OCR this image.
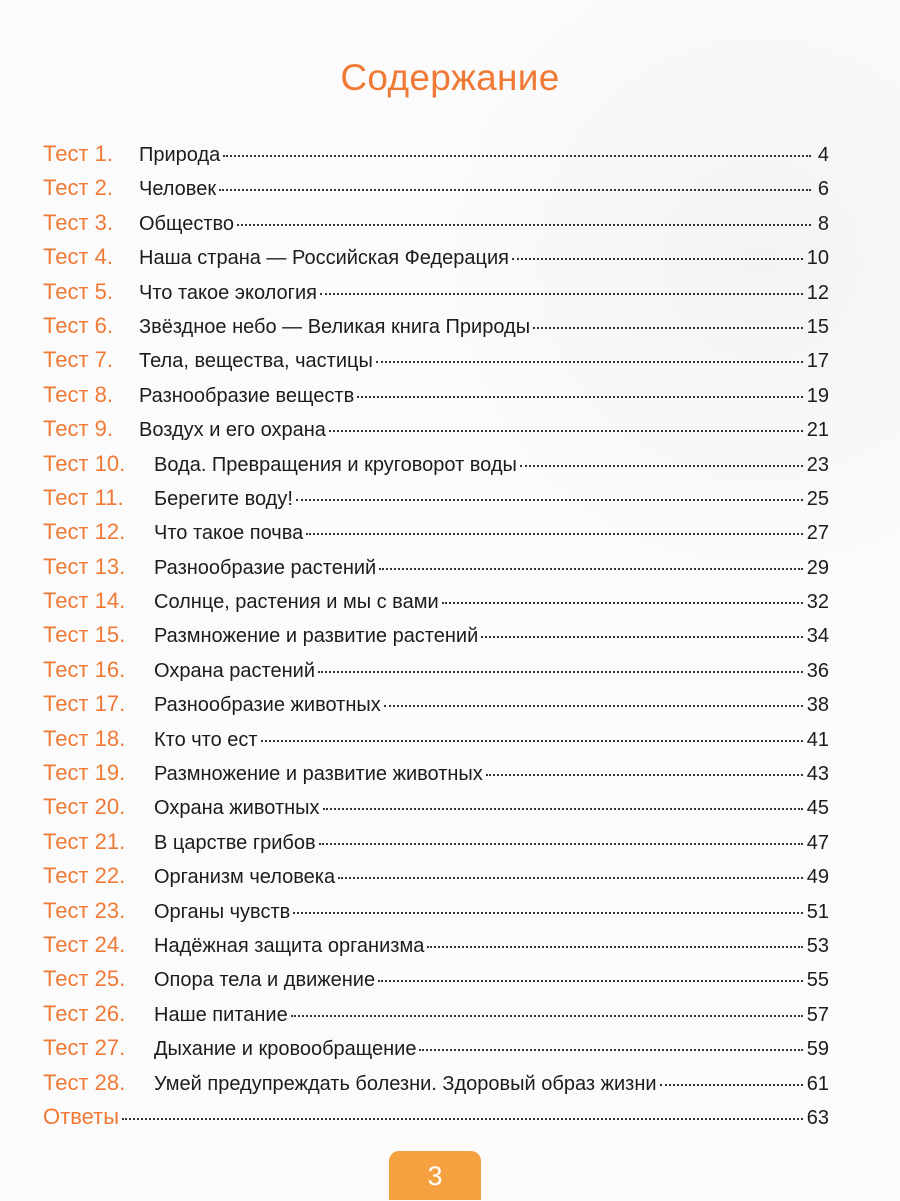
Содержание
Тест 1.	Природа	4
Тест 2.	Человек	6
Тест 3.	Общество	8
Тест 4.	Наша страна — Российская Федерация	10
Тест 5.	Что такое экология	12
Тест 6.	Звёздное небо — Великая книга Природы	15
Тест 7.	Тела, вещества, частицы	17
Тест 8.	Разнообразие веществ	19
Тест 9.	Воздух и его охрана	21
Тест 10.	Вода. Превращения и круговорот воды	23
Тест 11.	Берегите воду!	25
Тест 12.	Что такое почва	27
Тест 13.	Разнообразие растений	29
Тест 14.	Солнце, растения и мы с вами	32
Тест 15.	Размножение и развитие растений	34
Тест 16.	Охрана растений	36
Тест 17.	Разнообразие животных	38
Тест 18.	Кто что ест	41
Тест 19.	Размножение и развитие животных	43
Тест 20.	Охрана животных	45
Тест 21.	В царстве грибов	47
Тест 22.	Организм человека	49
Тест 23.	Органы чувств	51
Тест 24.	Надёжная защита организма	53
Тест 25.	Опора тела и движение	55
Тест 26.	Наше питание	57
Тест 27.	Дыхание и кровообращение	59
Тест 28.	Умей предупреждать болезни. Здоровый образ жизни	61
Ответы	63
3
